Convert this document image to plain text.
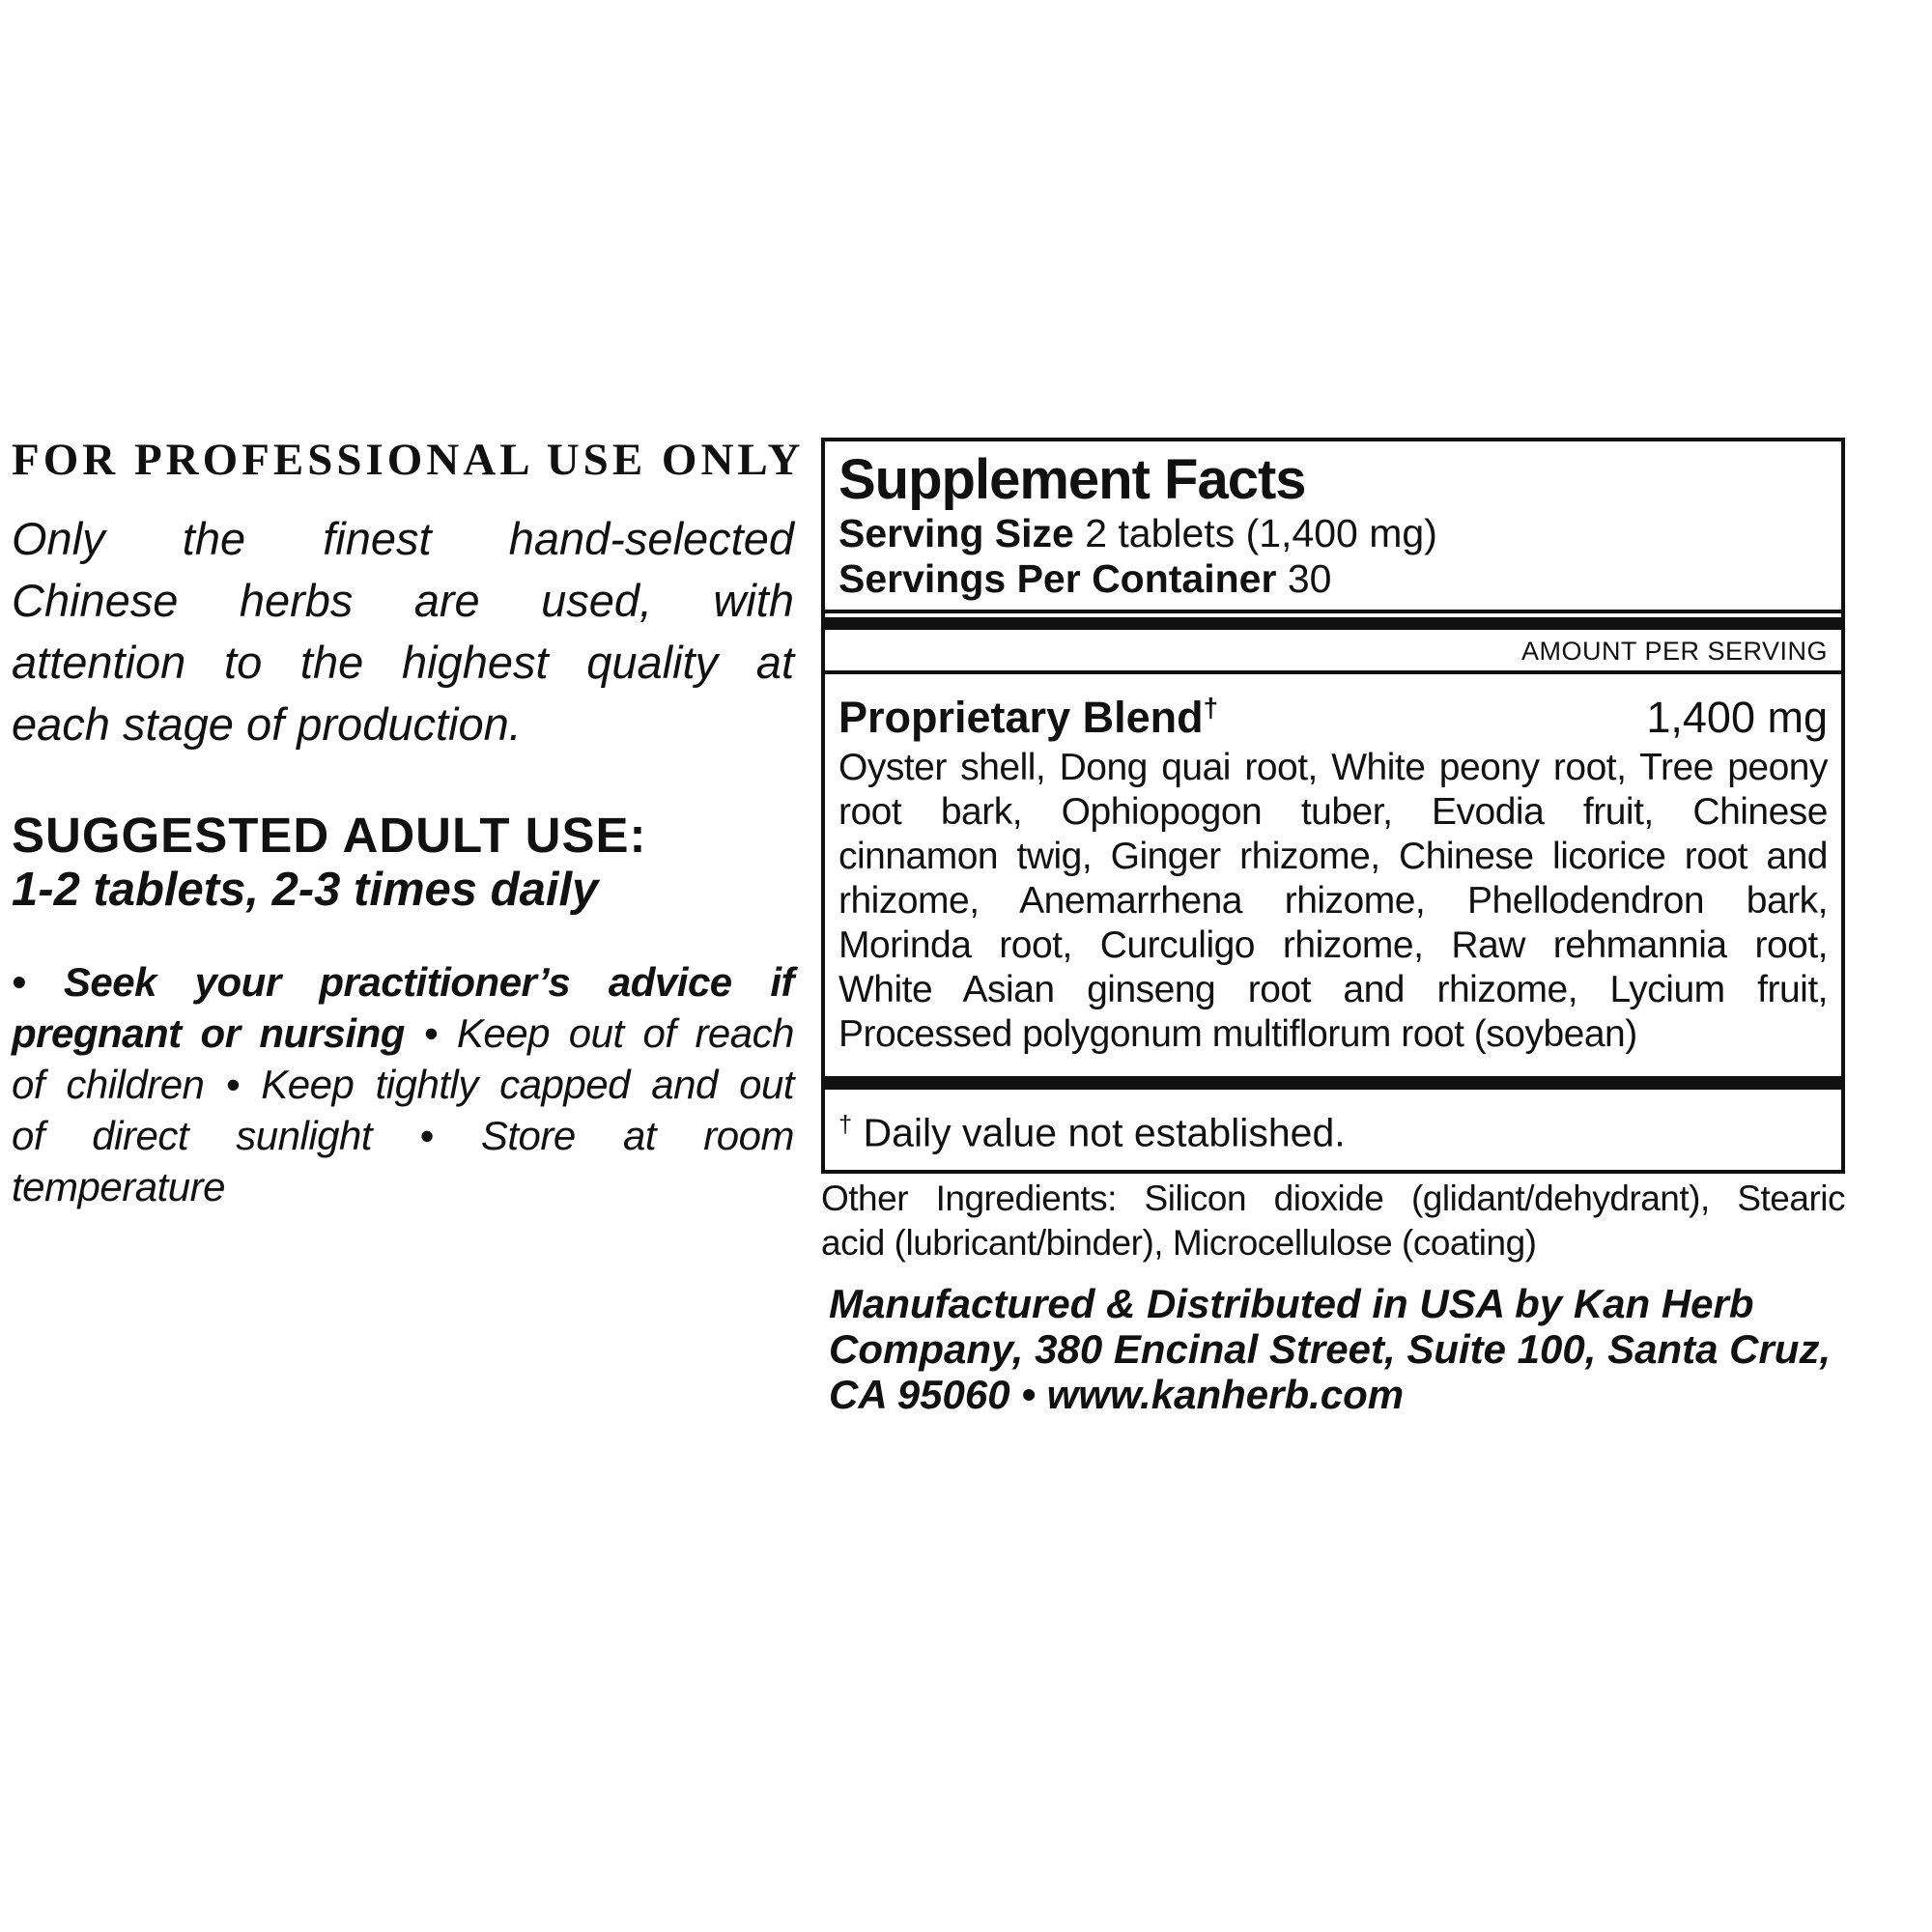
FOR PROFESSIONAL USE ONLY
Only the finest hand-selected
Chinese herbs are used, with
attention to the highest quality at
each stage of production.
SUGGESTED ADULT USE:
1-2 tablets, 2-3 times daily
• Seek your practitioner’s advice if
pregnant or nursing • Keep out of reach
of children • Keep tightly capped and out
of direct sunlight • Store at room
temperature
Supplement Facts
Serving Size 2 tablets (1,400 mg)
Servings Per Container 30
AMOUNT PER SERVING
Proprietary Blend†	1,400 mg
Oyster shell, Dong quai root, White peony root, Tree peony
root bark, Ophiopogon tuber, Evodia fruit, Chinese
cinnamon twig, Ginger rhizome, Chinese licorice root and
rhizome, Anemarrhena rhizome, Phellodendron bark,
Morinda root, Curculigo rhizome, Raw rehmannia root,
White Asian ginseng root and rhizome, Lycium fruit,
Processed polygonum multiflorum root (soybean)
† Daily value not established.
Other Ingredients: Silicon dioxide (glidant/dehydrant), Stearic
acid (lubricant/binder), Microcellulose (coating)
Manufactured & Distributed in USA by Kan Herb
Company, 380 Encinal Street, Suite 100, Santa Cruz,
CA 95060 • www.kanherb.com
